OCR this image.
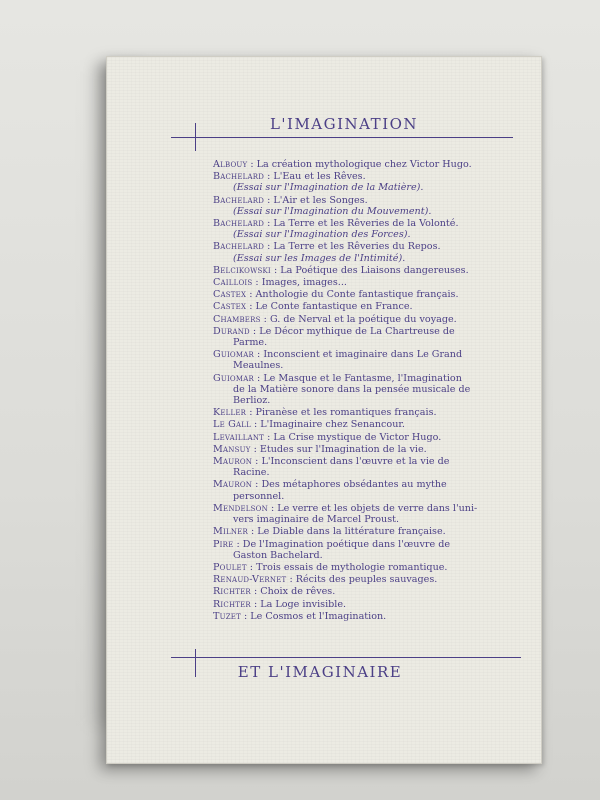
L'IMAGINATION
Albouy : La création mythologique chez Victor Hugo.
Bachelard : L'Eau et les Rêves.
(Essai sur l'Imagination de la Matière).
Bachelard : L'Air et les Songes.
(Essai sur l'Imagination du Mouvement).
Bachelard : La Terre et les Rêveries de la Volonté.
(Essai sur l'Imagination des Forces).
Bachelard : La Terre et les Rêveries du Repos.
(Essai sur les Images de l'Intimité).
Belcikowski : La Poétique des Liaisons dangereuses.
Caillois : Images, images...
Castex : Anthologie du Conte fantastique français.
Castex : Le Conte fantastique en France.
Chambers : G. de Nerval et la poétique du voyage.
Durand : Le Décor mythique de La Chartreuse de
Parme.
Guiomar : Inconscient et imaginaire dans Le Grand
Meaulnes.
Guiomar : Le Masque et le Fantasme, l'Imagination
de la Matière sonore dans la pensée musicale de
Berlioz.
Keller : Piranèse et les romantiques français.
Le Gall : L'Imaginaire chez Senancour.
Levaillant : La Crise mystique de Victor Hugo.
Mansuy : Etudes sur l'Imagination de la vie.
Mauron : L'Inconscient dans l'œuvre et la vie de
Racine.
Mauron : Des métaphores obsédantes au mythe
personnel.
Mendelson : Le verre et les objets de verre dans l'uni-
vers imaginaire de Marcel Proust.
Milner : Le Diable dans la littérature française.
Pire : De l'Imagination poétique dans l'œuvre de
Gaston Bachelard.
Poulet : Trois essais de mythologie romantique.
Renaud-Vernet : Récits des peuples sauvages.
Richter : Choix de rêves.
Richter : La Loge invisible.
Tuzet : Le Cosmos et l'Imagination.
ET L'IMAGINAIRE
